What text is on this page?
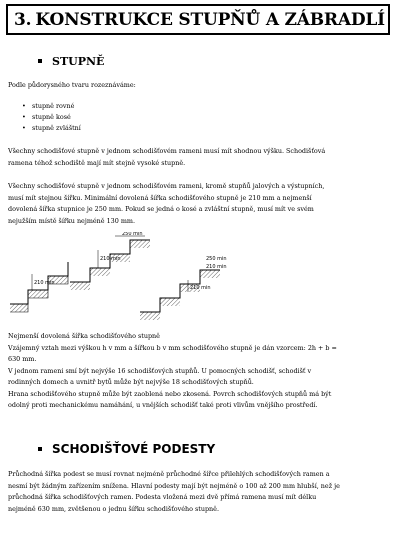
3. KONSTRUKCE STUPŇŮ A ZÁBRADLÍ
STUPNĚ
Podle půdorysného tvaru rozeznáváme:
• stupně rovné
• stupně kosé
• stupně zvláštní
Všechny schodišťové stupně v jednom schodišťovém rameni musí mít shodnou výšku. Schodišťová
ramena téhož schodiště mají mít stejně vysoké stupně.
Všechny schodišťové stupně v jednom schodišťovém rameni, kromě stupňů jalových a výstupních,
musí mít stejnou šířku. Minimální dovolená šířka schodišťového stupně je 210 mm a nejmenší
dovolená šířka stupnice je 250 mm. Pokud se jedná o kosé a zvláštní stupně, musí mít ve svém
nejužším místě šířku nejméně 130 mm.
210 min
250 min
210 min	250 min
210 min
210 min
Nejmenší dovolená šířka schodišťového stupně
Vzájemný vztah mezi výškou h v mm a šířkou b v mm schodišťového stupně je dán vzorcem: 2h + b =
630 mm.
V jednom rameni smí být nejvýše 16 schodišťových stupňů. U pomocných schodišť, schodišť v
rodinných domech a uvnitř bytů může být nejvýše 18 schodišťových stupňů.
Hrana schodišťového stupně může být zaoblená nebo zkosená. Povrch schodišťových stupňů má být
odolný proti mechanickému namáhání, u vnějších schodišť také proti vlivům vnějšího prostředí.
SCHODIŠŤOVÉ PODESTY
Průchodná šířka podest se musí rovnat nejméně průchodné šířce přilehlých schodišťových ramen a
nesmí být žádným zařízením snížena. Hlavní podesty mají být nejméně o 100 až 200 mm hlubší, než je
průchodná šířka schodišťových ramen. Podesta vložená mezi dvě přímá ramena musí mít délku
nejméně 630 mm, zvětšenou o jednu šířku schodišťového stupně.
